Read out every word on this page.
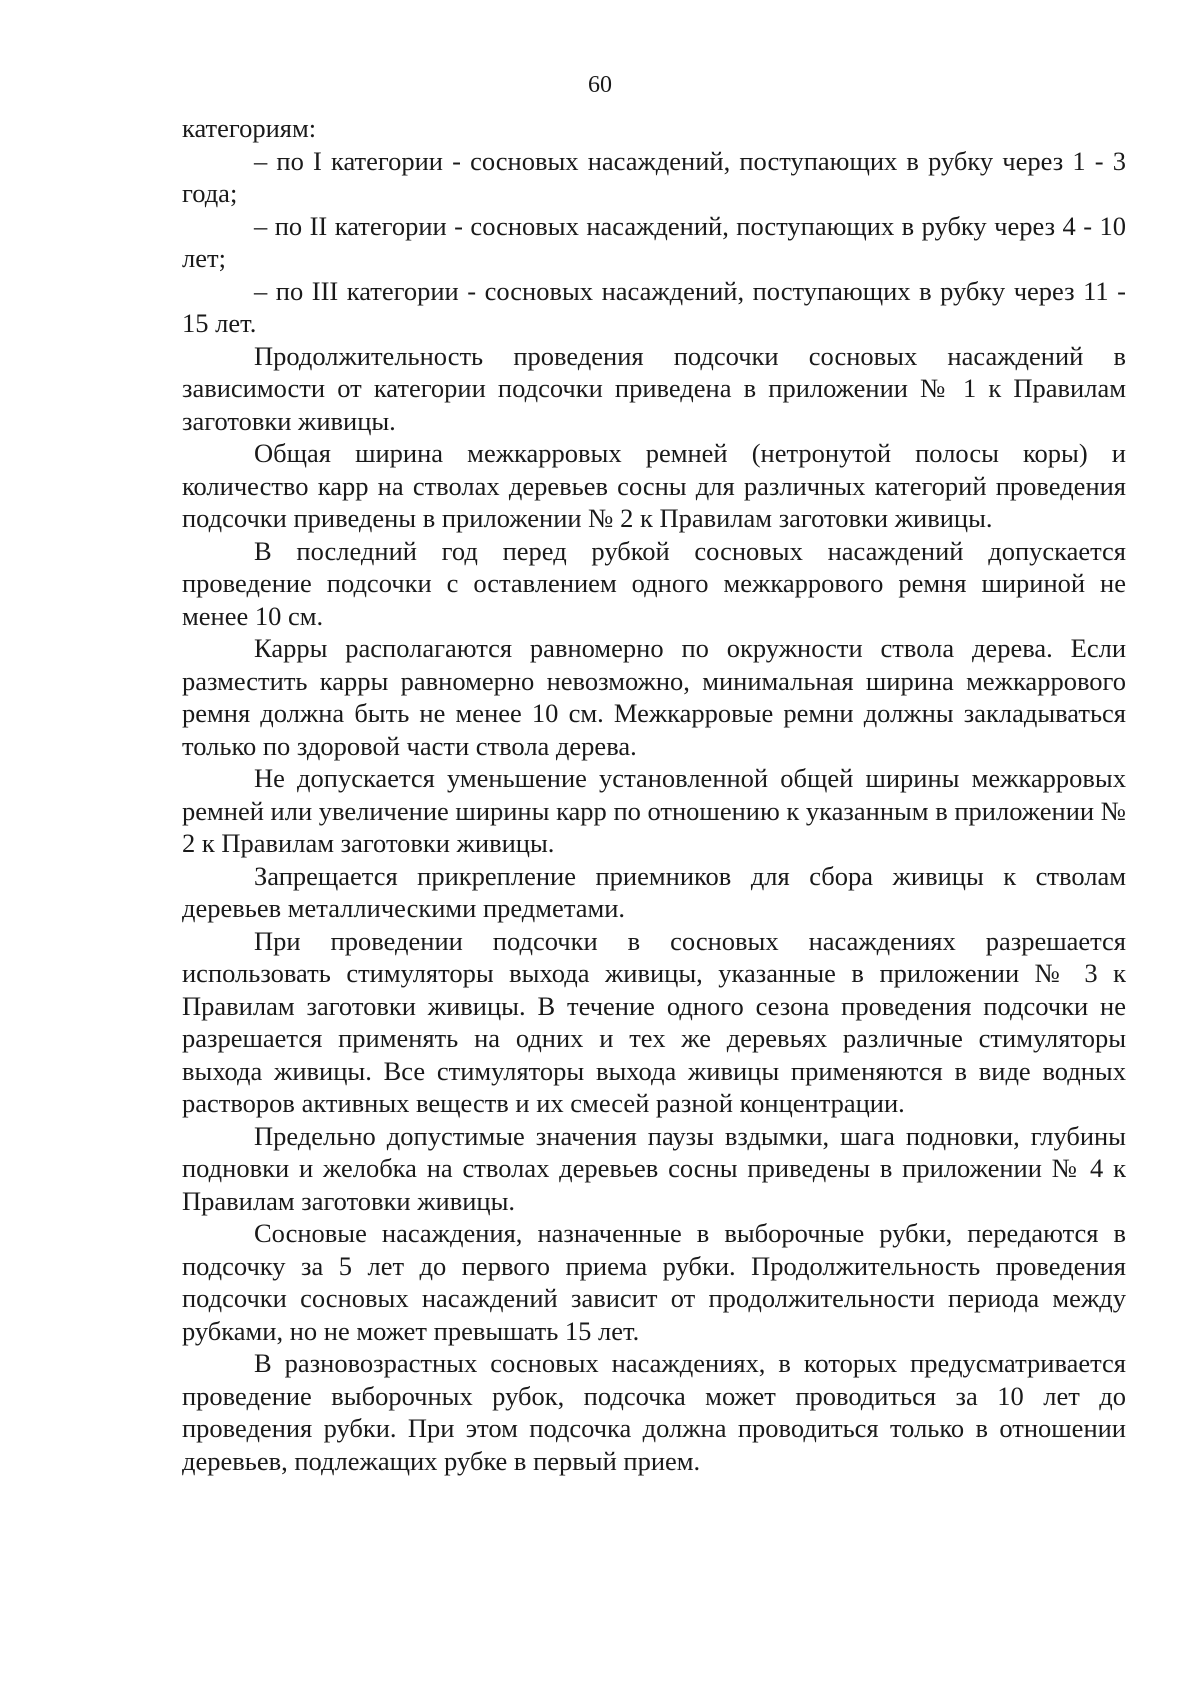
60

категориям:

– по I категории - сосновых насаждений, поступающих в рубку через 1 - 3 года;

– по II категории - сосновых насаждений, поступающих в рубку через 4 - 10 лет;

– по III категории - сосновых насаждений, поступающих в рубку через 11 - 15 лет.

Продолжительность проведения подсочки сосновых насаждений в зависимости от категории подсочки приведена в приложении № 1 к Правилам заготовки живицы.

Общая ширина межкарровых ремней (нетронутой полосы коры) и количество карр на стволах деревьев сосны для различных категорий проведения подсочки приведены в приложении № 2 к Правилам заготовки живицы.

В последний год перед рубкой сосновых насаждений допускается проведение подсочки с оставлением одного межкаррового ремня шириной не менее 10 см.

Карры располагаются равномерно по окружности ствола дерева. Если разместить карры равномерно невозможно, минимальная ширина межкаррового ремня должна быть не менее 10 см. Межкарровые ремни должны закладываться только по здоровой части ствола дерева.

Не допускается уменьшение установленной общей ширины межкарровых ремней или увеличение ширины карр по отношению к указанным в приложении № 2 к Правилам заготовки живицы.

Запрещается прикрепление приемников для сбора живицы к стволам деревьев металлическими предметами.

При проведении подсочки в сосновых насаждениях разрешается использовать стимуляторы выхода живицы, указанные в приложении № 3 к Правилам заготовки живицы. В течение одного сезона проведения подсочки не разрешается применять на одних и тех же деревьях различные стимуляторы выхода живицы. Все стимуляторы выхода живицы применяются в виде водных растворов активных веществ и их смесей разной концентрации.

Предельно допустимые значения паузы вздымки, шага подновки, глубины подновки и желобка на стволах деревьев сосны приведены в приложении № 4 к Правилам заготовки живицы.

Сосновые насаждения, назначенные в выборочные рубки, передаются в подсочку за 5 лет до первого приема рубки. Продолжительность проведения подсочки сосновых насаждений зависит от продолжительности периода между рубками, но не может превышать 15 лет.

В разновозрастных сосновых насаждениях, в которых предусматривается проведение выборочных рубок, подсочка может проводиться за 10 лет до проведения рубки. При этом подсочка должна проводиться только в отношении деревьев, подлежащих рубке в первый прием.
